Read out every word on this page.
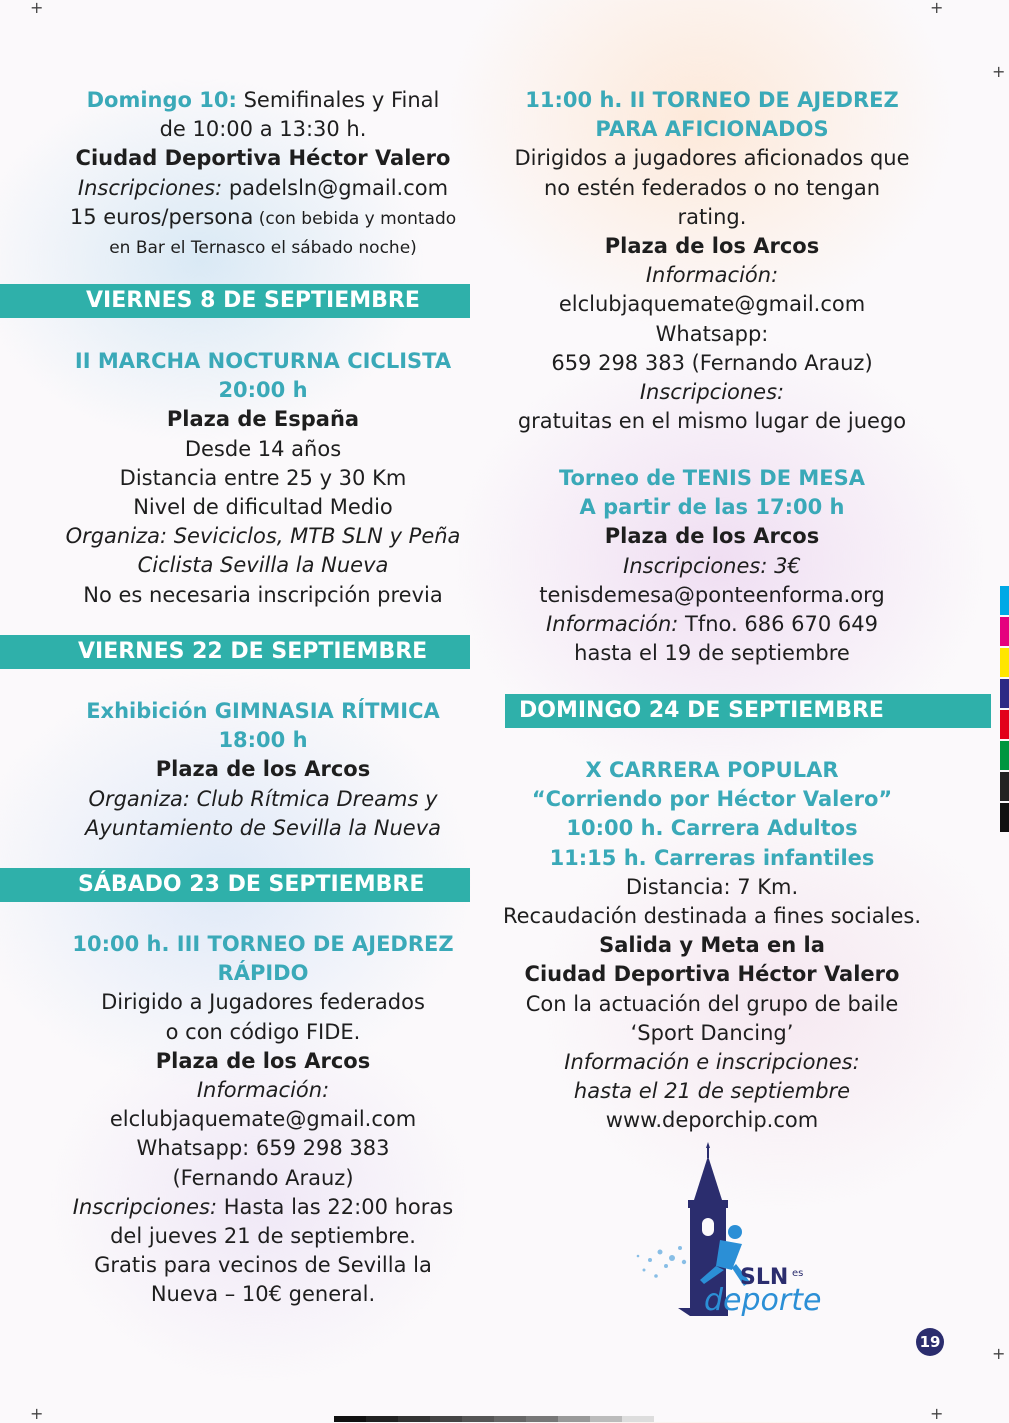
+	+
+
+
+	+
Domingo 10: Semifinales y Final
de 10:00 a 13:30 h.
Ciudad Deportiva Héctor Valero
Inscripciones: padelsln@gmail.com
15 euros/persona (con bebida y montado
en Bar el Ternasco el sábado noche)
VIERNES 8 DE SEPTIEMBRE
II MARCHA NOCTURNA CICLISTA
20:00 h
Plaza de España
Desde 14 años
Distancia entre 25 y 30 Km
Nivel de dificultad Medio
Organiza: Seviciclos, MTB SLN y Peña
Ciclista Sevilla la Nueva
No es necesaria inscripción previa
VIERNES 22 DE SEPTIEMBRE
Exhibición GIMNASIA RÍTMICA
18:00 h
Plaza de los Arcos
Organiza: Club Rítmica Dreams y
Ayuntamiento de Sevilla la Nueva
SÁBADO 23 DE SEPTIEMBRE
10:00 h. III TORNEO DE AJEDREZ
RÁPIDO
Dirigido a Jugadores federados
o con código FIDE.
Plaza de los Arcos
Información:
elclubjaquemate@gmail.com
Whatsapp: 659 298 383
(Fernando Arauz)
Inscripciones: Hasta las 22:00 horas
del jueves 21 de septiembre.
Gratis para vecinos de Sevilla la
Nueva – 10€ general.
11:00 h. II TORNEO DE AJEDREZ
PARA AFICIONADOS
Dirigidos a jugadores aficionados que
no estén federados o no tengan
rating.
Plaza de los Arcos
Información:
elclubjaquemate@gmail.com
Whatsapp:
659 298 383 (Fernando Arauz)
Inscripciones:
gratuitas en el mismo lugar de juego
Torneo de TENIS DE MESA
A partir de las 17:00 h
Plaza de los Arcos
Inscripciones: 3€
tenisdemesa@ponteenforma.org
Información: Tfno. 686 670 649
hasta el 19 de septiembre
DOMINGO 24 DE SEPTIEMBRE
X CARRERA POPULAR
“Corriendo por Héctor Valero”
10:00 h. Carrera Adultos
11:15 h. Carreras infantiles
Distancia: 7 Km.
Recaudación destinada a fines sociales.
Salida y Meta en la
Ciudad Deportiva Héctor Valero
Con la actuación del grupo de baile
‘Sport Dancing’
Información e inscripciones:
hasta el 21 de septiembre
www.deporchip.com
SLN es
deporte
19
